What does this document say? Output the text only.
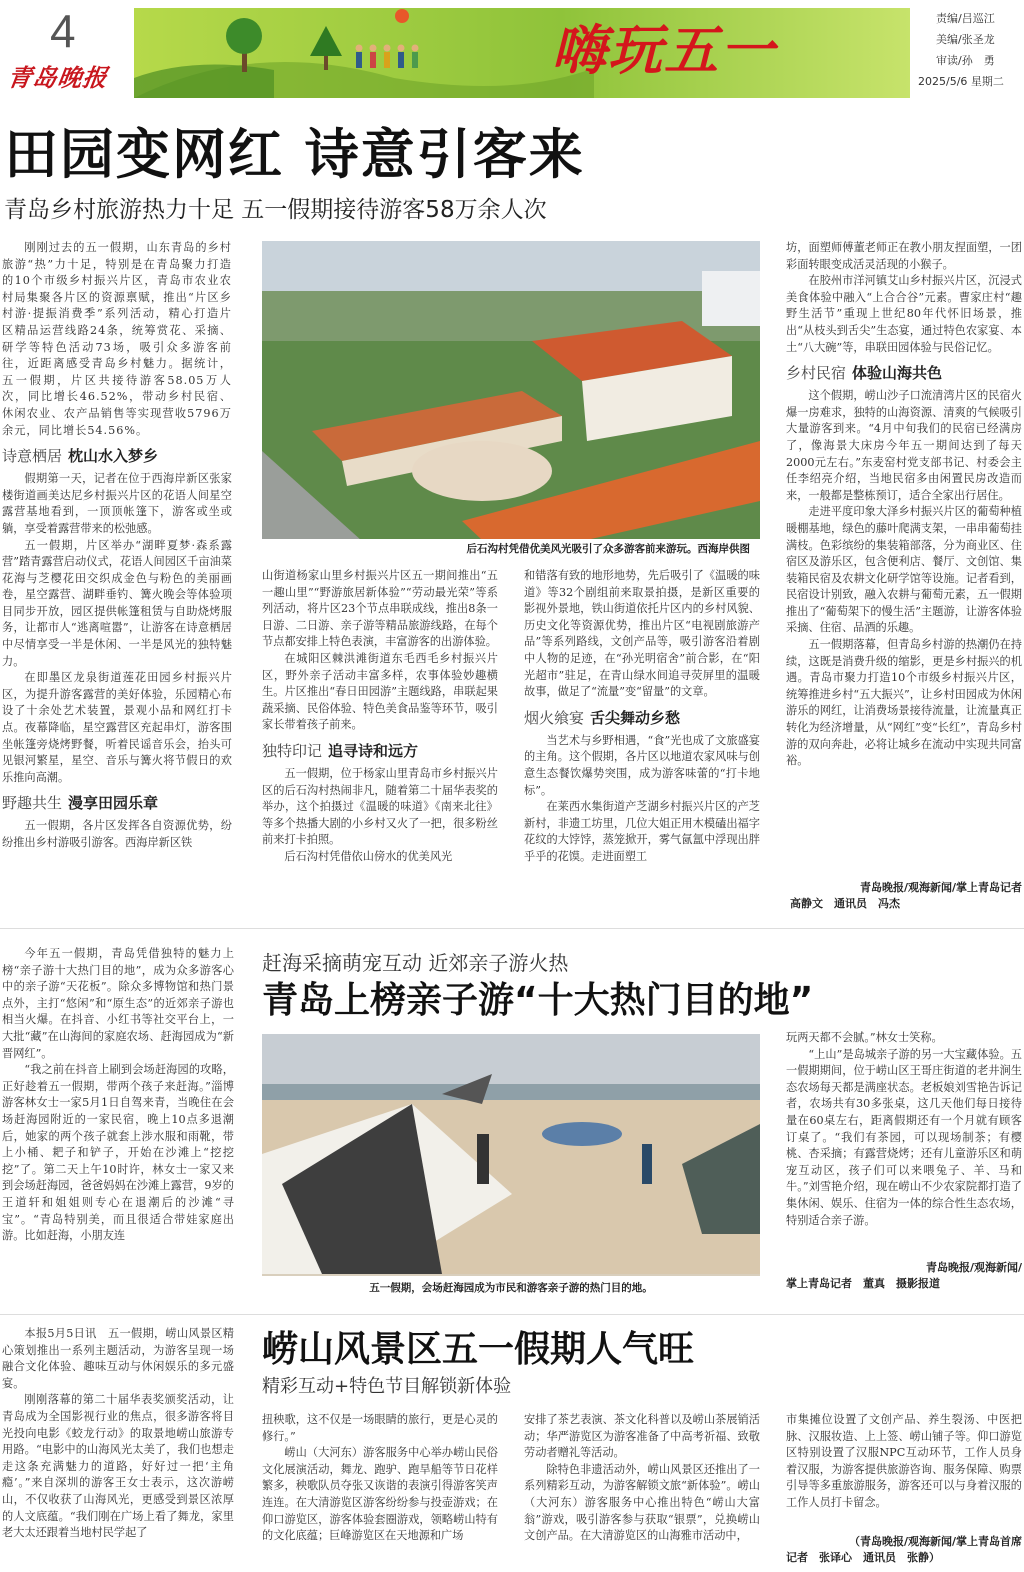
4
青岛晚报	嗨玩五一
责编/吕巡江
美编/张圣龙
审读/孙　勇
2025/5/6 星期二
田园变网红 诗意引客来
青岛乡村旅游热力十足 五一假期接待游客58万余人次

刚刚过去的五一假期，山东青岛的乡村旅游“热”力十足，特别是在青岛聚力打造的10个市级乡村振兴片区，青岛市农业农村局集聚各片区的资源禀赋，推出“片区乡村游·提振消费季”系列活动，精心打造片区精品运营线路24条，统筹赏花、采摘、研学等特色活动73场，吸引众多游客前往，近距离感受青岛乡村魅力。据统计，五一假期，片区共接待游客58.05万人次，同比增长46.52%，带动乡村民宿、休闲农业、农产品销售等实现营收5796万余元，同比增长54.56%。

诗意栖居 枕山水入梦乡

假期第一天，记者在位于西海岸新区张家楼街道画美达尼乡村振兴片区的花语人间星空露营基地看到，一顶顶帐篷下，游客或坐或躺，享受着露营带来的松弛感。

五一假期，片区举办“湖畔夏梦·森系露营”踏青露营启动仪式，花语人间园区千亩油菜花海与芝樱花田交织成金色与粉色的美丽画卷，星空露营、湖畔垂钓、篝火晚会等体验项目同步开放，园区提供帐篷租赁与自助烧烤服务，让都市人“逃离喧嚣”，让游客在诗意栖居中尽情享受一半是休闲、一半是风光的独特魅力。

在即墨区龙泉街道莲花田园乡村振兴片区，为提升游客露营的美好体验，乐园精心布设了十余处艺术装置，景观小品和网红打卡点。夜幕降临，星空露营区充起串灯，游客围坐帐篷旁烧烤野餐，听着民谣音乐会，抬头可见银河繁星，星空、音乐与篝火将节假日的欢乐推向高潮。

野趣共生 漫享田园乐章

五一假期，各片区发挥各自资源优势，纷纷推出乡村游吸引游客。西海岸新区铁

后石沟村凭借优美风光吸引了众多游客前来游玩。西海岸供图

山街道杨家山里乡村振兴片区五一期间推出“五一趣山里”“野游旅居新体验”“劳动最光荣”等系列活动，将片区23个节点串联成线，推出8条一日游、二日游、亲子游等精品旅游线路，在每个节点都安排上特色表演，丰富游客的出游体验。

在城阳区棘洪滩街道东毛西毛乡村振兴片区，野外亲子活动丰富多样，农事体验妙趣横生。片区推出“春日田园游”主题线路，串联起果蔬采摘、民俗体验、特色美食品鉴等环节，吸引家长带着孩子前来。

独特印记 追寻诗和远方

五一假期，位于杨家山里青岛市乡村振兴片区的后石沟村热闹非凡，随着第二十届华表奖的举办，这个拍摄过《温暖的味道》《南来北往》等多个热播大剧的小乡村又火了一把，很多粉丝前来打卡拍照。

后石沟村凭借依山傍水的优美风光

和错落有致的地形地势，先后吸引了《温暖的味道》等32个剧组前来取景拍摄，是新区重要的影视外景地，铁山街道依托片区内的乡村风貌、历史文化等资源优势，推出片区“电视剧旅游产品”等系列路线，文创产品等，吸引游客沿着剧中人物的足迹，在“孙光明宿舍”前合影，在“阳光超市”驻足，在青山绿水间追寻荧屏里的温暖故事，做足了“流量”变“留量”的文章。

烟火飨宴 舌尖舞动乡愁

当艺术与乡野相遇，“食”光也成了文旅盛宴的主角。这个假期，各片区以地道农家风味与创意生态餐饮爆势突围，成为游客味蕾的“打卡地标”。

在莱西水集街道产芝湖乡村振兴片区的产芝新村，非遗工坊里，几位大姐正用木模磕出福字花纹的大饽饽，蒸笼掀开，雾气氤氲中浮现出胖乎乎的花馍。走进面塑工

坊，面塑师傅董老师正在教小朋友捏面塑，一团彩面转眼变成活灵活现的小猴子。

在胶州市洋河镇艾山乡村振兴片区，沉浸式美食体验中融入“上合合谷”元素。曹家庄村“趣野生活节”重现上世纪80年代怀旧场景，推出“从枝头到舌尖”生态宴，通过特色农家宴、本土“八大碗”等，串联田园体验与民俗记忆。

乡村民宿 体验山海共色

这个假期，崂山沙子口流清湾片区的民宿火爆一房难求，独特的山海资源、清爽的气候吸引大量游客到来。“4月中旬我们的民宿已经满房了，像海景大床房今年五一期间达到了每天2000元左右。”东麦窑村党支部书记、村委会主任李绍亮介绍，当地民宿多由闲置民房改造而来，一般都是整栋预订，适合全家出行居住。

走进平度印象大泽乡村振兴片区的葡萄种植暖棚基地，绿色的藤叶爬满支架，一串串葡萄挂满枝。色彩缤纷的集装箱部落，分为商业区、住宿区及游乐区，包含便利店、餐厅、文创馆、集装箱民宿及农耕文化研学馆等设施。记者看到，民宿设计别致，融入农耕与葡萄元素，五一假期推出了“葡萄架下的慢生活”主题游，让游客体验采摘、住宿、品酒的乐趣。

五一假期落幕，但青岛乡村游的热潮仍在持续，这既是消费升级的缩影，更是乡村振兴的机遇。青岛市聚力打造10个市级乡村振兴片区，统筹推进乡村“五大振兴”，让乡村田园成为休闲游乐的网红，让消费场景接待流量，让流量真正转化为经济增量，从“网红”变“长红”，青岛乡村游的双向奔赴，必将让城乡在流动中实现共同富裕。

青岛晚报/观海新闻/掌上青岛记者
高静文　通讯员　冯杰

今年五一假期，青岛凭借独特的魅力上榜“亲子游十大热门目的地”，成为众多游客心中的亲子游“天花板”。除众多博物馆和热门景点外，主打“悠闲”和“原生态”的近郊亲子游也相当火爆。在抖音、小红书等社交平台上，一大批“藏”在山海间的家庭农场、赶海园成为“新晋网红”。

“我之前在抖音上刷到会场赶海园的攻略，正好趁着五一假期，带两个孩子来赶海。”淄博游客林女士一家5月1日自驾来青，当晚住在会场赶海园附近的一家民宿，晚上10点多退潮后，她家的两个孩子就套上涉水服和雨靴，带上小桶、耙子和铲子，开始在沙滩上“挖挖挖”了。第二天上午10时许，林女士一家又来到会场赶海园，爸爸妈妈在沙滩上露营，9岁的王道轩和姐姐则专心在退潮后的沙滩“寻宝”。“青岛特别美，而且很适合带娃家庭出游。比如赶海，小朋友连

赶海采摘萌宠互动 近郊亲子游火热
青岛上榜亲子游“十大热门目的地”
五一假期，会场赶海园成为市民和游客亲子游的热门目的地。

玩两天都不会腻。”林女士笑称。

“上山”是岛城亲子游的另一大宝藏体验。五一假期期间，位于崂山区王哥庄街道的老井涧生态农场每天都是满座状态。老板娘刘雪艳告诉记者，农场共有30多张桌，这几天他们每日接待量在60桌左右，距离假期还有一个月就有顾客订桌了。“我们有茶园，可以现场制茶；有樱桃、杏采摘；有露营烧烤；还有儿童游乐区和萌宠互动区，孩子们可以来喂兔子、羊、马和牛。”刘雪艳介绍，现在崂山不少农家院都打造了集休闲、娱乐、住宿为一体的综合性生态农场，特别适合亲子游。

青岛晚报/观海新闻/
掌上青岛记者　董真　摄影报道
崂山风景区五一假期人气旺
精彩互动+特色节目解锁新体验

本报5月5日讯　五一假期，崂山风景区精心策划推出一系列主题活动，为游客呈现一场融合文化体验、趣味互动与休闲娱乐的多元盛宴。

刚刚落幕的第二十届华表奖颁奖活动，让青岛成为全国影视行业的焦点，很多游客将目光投向电影《蛟龙行动》的取景地崂山旅游专用路。“电影中的山海风光太美了，我们也想走走这条充满魅力的道路，好好过一把‘主角瘾’。”来自深圳的游客王女士表示，这次游崂山，不仅收获了山海风光，更感受到景区浓厚的人文底蕴。“我们刚在广场上看了舞龙，家里老大太还跟着当地村民学起了

扭秧歌，这不仅是一场眼睛的旅行，更是心灵的修行。”

崂山（大河东）游客服务中心举办崂山民俗文化展演活动，舞龙、跑驴、跑旱船等节日花样繁多，秧歌队员夺张又诙谐的表演引得游客笑声连连。在大清游览区游客纷纷参与投壶游戏；在仰口游览区，游客体验套圈游戏，领略崂山特有的文化底蕴；巨峰游览区在天地源和广场

安排了茶艺表演、茶文化科普以及崂山茶展销活动；华严游览区为游客准备了中高考祈福、致敬劳动者赠礼等活动。

除特色非遗活动外，崂山风景区还推出了一系列精彩互动，为游客解锁文旅“新体验”。崂山（大河东）游客服务中心推出特色“崂山大富翁”游戏，吸引游客参与获取“银票”，兑换崂山文创产品。在大清游览区的山海雅市活动中，

市集摊位设置了文创产品、养生裂汤、中医把脉、汉服妆造、上上签、崂山铺子等。仰口游览区特别设置了汉服NPC互动环节，工作人员身着汉服，为游客提供旅游咨询、服务保障、购票引导等多重旅游服务，游客还可以与身着汉服的工作人员打卡留念。

（青岛晚报/观海新闻/掌上青岛首席
记者　张译心　通讯员　张静）
